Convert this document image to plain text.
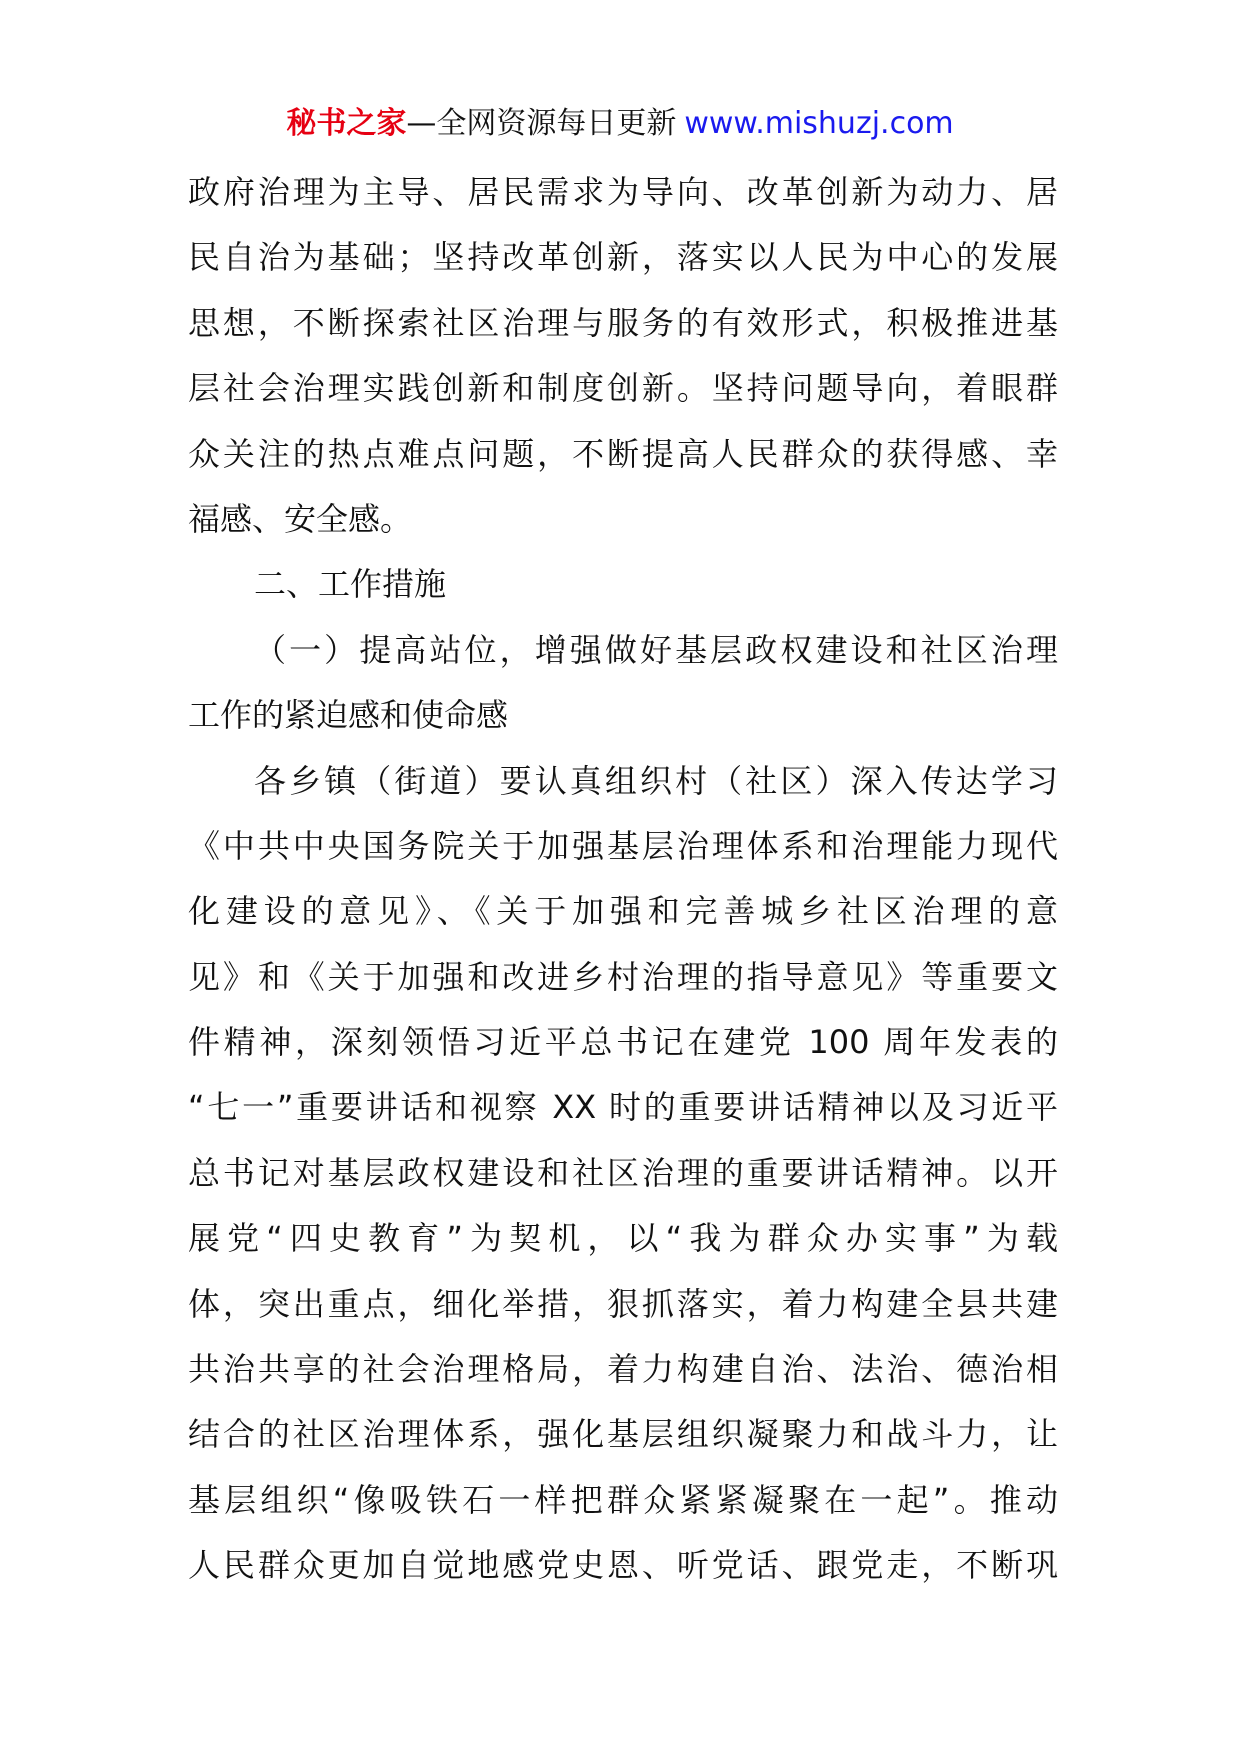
秘书之家—全网资源每日更新 www.mishuzj.com
政府治理为主导、居民需求为导向、改革创新为动力、居
民自治为基础；坚持改革创新，落实以人民为中心的发展
思想，不断探索社区治理与服务的有效形式，积极推进基
层社会治理实践创新和制度创新。坚持问题导向，着眼群
众关注的热点难点问题，不断提高人民群众的获得感、幸
福感、安全感。
二、工作措施
（一）提高站位，增强做好基层政权建设和社区治理
工作的紧迫感和使命感
各乡镇（街道）要认真组织村（社区）深入传达学习
《中共中央国务院关于加强基层治理体系和治理能力现代
化建设的意见》、《关于加强和完善城乡社区治理的意
见》和《关于加强和改进乡村治理的指导意见》等重要文
件精神，深刻领悟习近平总书记在建党 100 周年发表的
“七一”重要讲话和视察 XX 时的重要讲话精神以及习近平
总书记对基层政权建设和社区治理的重要讲话精神。以开
展党“四史教育”为契机，以“我为群众办实事”为载
体，突出重点，细化举措，狠抓落实，着力构建全县共建
共治共享的社会治理格局，着力构建自治、法治、德治相
结合的社区治理体系，强化基层组织凝聚力和战斗力，让
基层组织“像吸铁石一样把群众紧紧凝聚在一起”。推动
人民群众更加自觉地感党史恩、听党话、跟党走，不断巩
